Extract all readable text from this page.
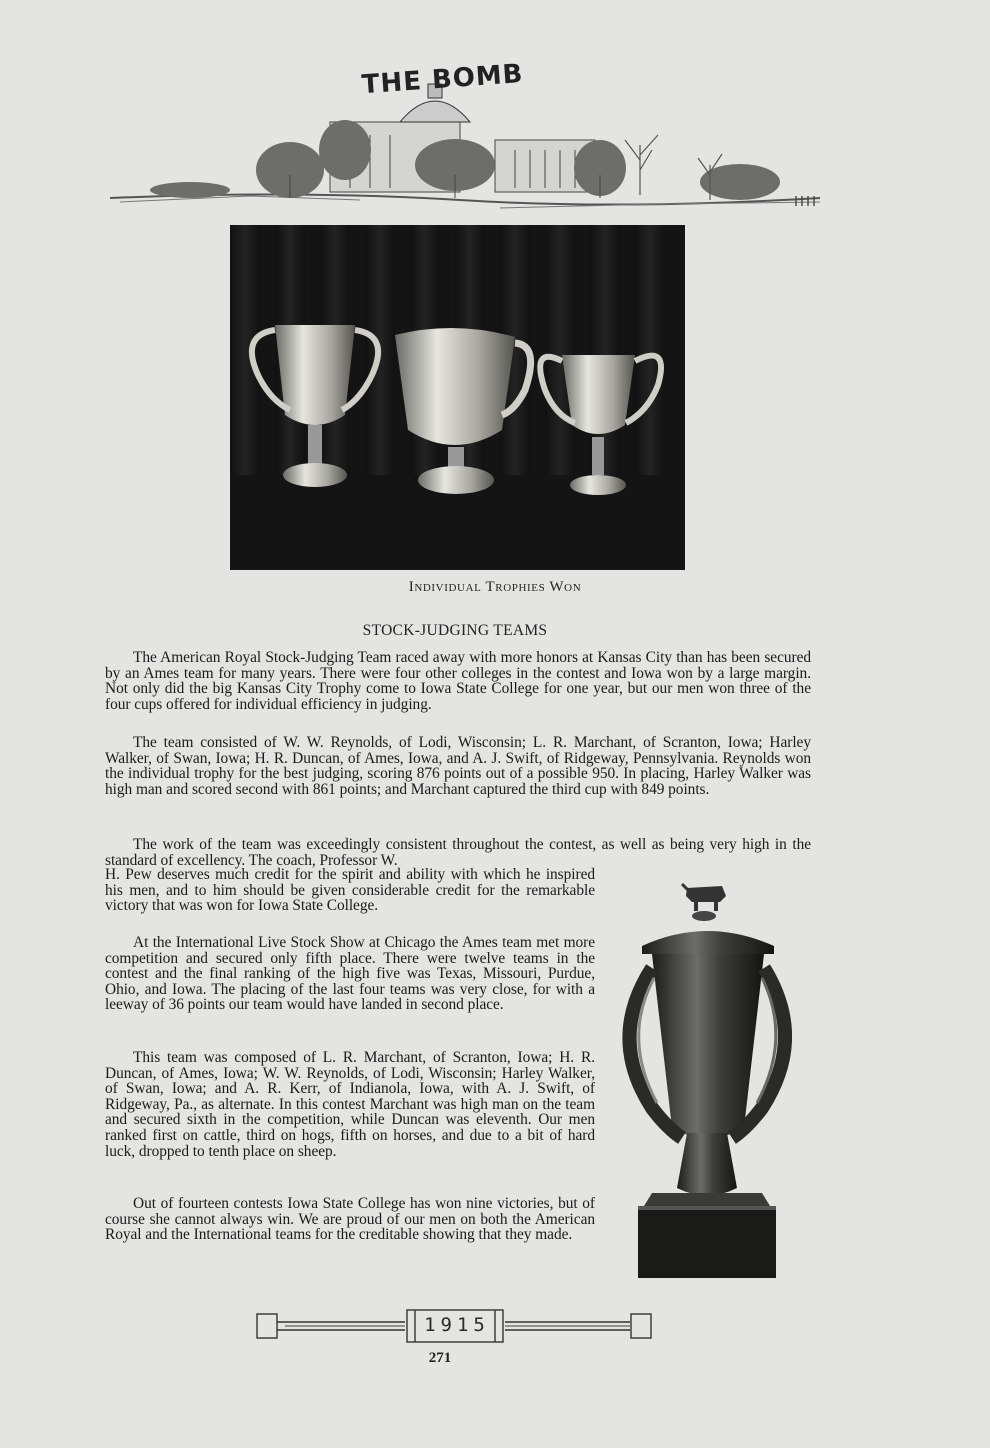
THE BOMB
Individual Trophies Won
STOCK-JUDGING TEAMS

The American Royal Stock-Judging Team raced away with more honors at Kansas City than has been secured by an Ames team for many years. There were four other colleges in the contest and Iowa won by a large margin. Not only did the big Kansas City Trophy come to Iowa State College for one year, but our men won three of the four cups offered for individual efficiency in judging.

The team consisted of W. W. Reynolds, of Lodi, Wisconsin; L. R. Marchant, of Scranton, Iowa; Harley Walker, of Swan, Iowa; H. R. Duncan, of Ames, Iowa, and A. J. Swift, of Ridgeway, Pennsylvania. Reynolds won the individual trophy for the best judging, scoring 876 points out of a possible 950. In placing, Harley Walker was high man and scored second with 861 points; and Marchant captured the third cup with 849 points.

The work of the team was exceedingly consistent throughout the contest, as well as being very high in the standard of excellency. The coach, Professor W.

H. Pew deserves much credit for the spirit and ability with which he inspired his men, and to him should be given considerable credit for the remarkable victory that was won for Iowa State College.

At the International Live Stock Show at Chicago the Ames team met more competition and secured only fifth place. There were twelve teams in the contest and the final ranking of the high five was Texas, Missouri, Purdue, Ohio, and Iowa. The placing of the last four teams was very close, for with a leeway of 36 points our team would have landed in second place.

This team was composed of L. R. Marchant, of Scranton, Iowa; H. R. Duncan, of Ames, Iowa; W. W. Reynolds, of Lodi, Wisconsin; Harley Walker, of Swan, Iowa; and A. R. Kerr, of Indianola, Iowa, with A. J. Swift, of Ridgeway, Pa., as alternate. In this contest Marchant was high man on the team and secured sixth in the competition, while Duncan was eleventh. Our men ranked first on cattle, third on hogs, fifth on horses, and due to a bit of hard luck, dropped to tenth place on sheep.

Out of fourteen contests Iowa State College has won nine victories, but of course she cannot always win. We are proud of our men on both the American Royal and the International teams for the creditable showing that they made.

1915
271
